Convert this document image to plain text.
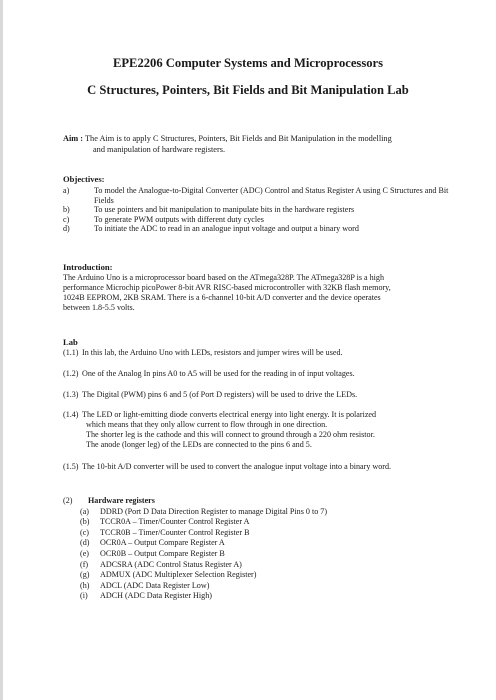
EPE2206 Computer Systems and Microprocessors
C Structures, Pointers, Bit Fields and Bit Manipulation Lab
Aim : The Aim is to apply C Structures, Pointers, Bit Fields and Bit Manipulation in the modelling
and manipulation of hardware registers.
Objectives:
a)	To model the Analogue-to-Digital Converter (ADC) Control and Status Register A using C Structures and Bit Fields
b)	To use pointers and bit manipulation to manipulate bits in the hardware registers
c)	To generate PWM outputs with different duty cycles
d)	To initiate the ADC to read in an analogue input voltage and output a binary word
Introduction:
The Arduino Uno is a microprocessor board based on the ATmega328P. The ATmega328P is a high
performance Microchip picoPower 8-bit AVR RISC-based microcontroller with 32KB flash memory,
1024B EEPROM, 2KB SRAM. There is a 6-channel 10-bit A/D converter and the device operates
between 1.8-5.5 volts.
Lab
(1.1) In this lab, the Arduino Uno with LEDs, resistors and jumper wires will be used.
(1.2) One of the Analog In pins A0 to A5 will be used for the reading in of input voltages.
(1.3) The Digital (PWM) pins 6 and 5 (of Port D registers) will be used to drive the LEDs.
(1.4) The LED or light-emitting diode converts electrical energy into light energy. It is polarized
which means that they only allow current to flow through in one direction.
The shorter leg is the cathode and this will connect to ground through a 220 ohm resistor.
The anode (longer leg) of the LEDs are connected to the pins 6 and 5.
(1.5) The 10-bit A/D converter will be used to convert the analogue input voltage into a binary word.
(2) Hardware registers
(a) DDRD (Port D Data Direction Register to manage Digital Pins 0 to 7)
(b) TCCR0A – Timer/Counter Control Register A
(c) TCCR0B – Timer/Counter Control Register B
(d) OCR0A – Output Compare Register A
(e) OCR0B – Output Compare Register B
(f) ADCSRA (ADC Control Status Register A)
(g) ADMUX (ADC Multiplexer Selection Register)
(h) ADCL (ADC Data Register Low)
(i) ADCH (ADC Data Register High)
